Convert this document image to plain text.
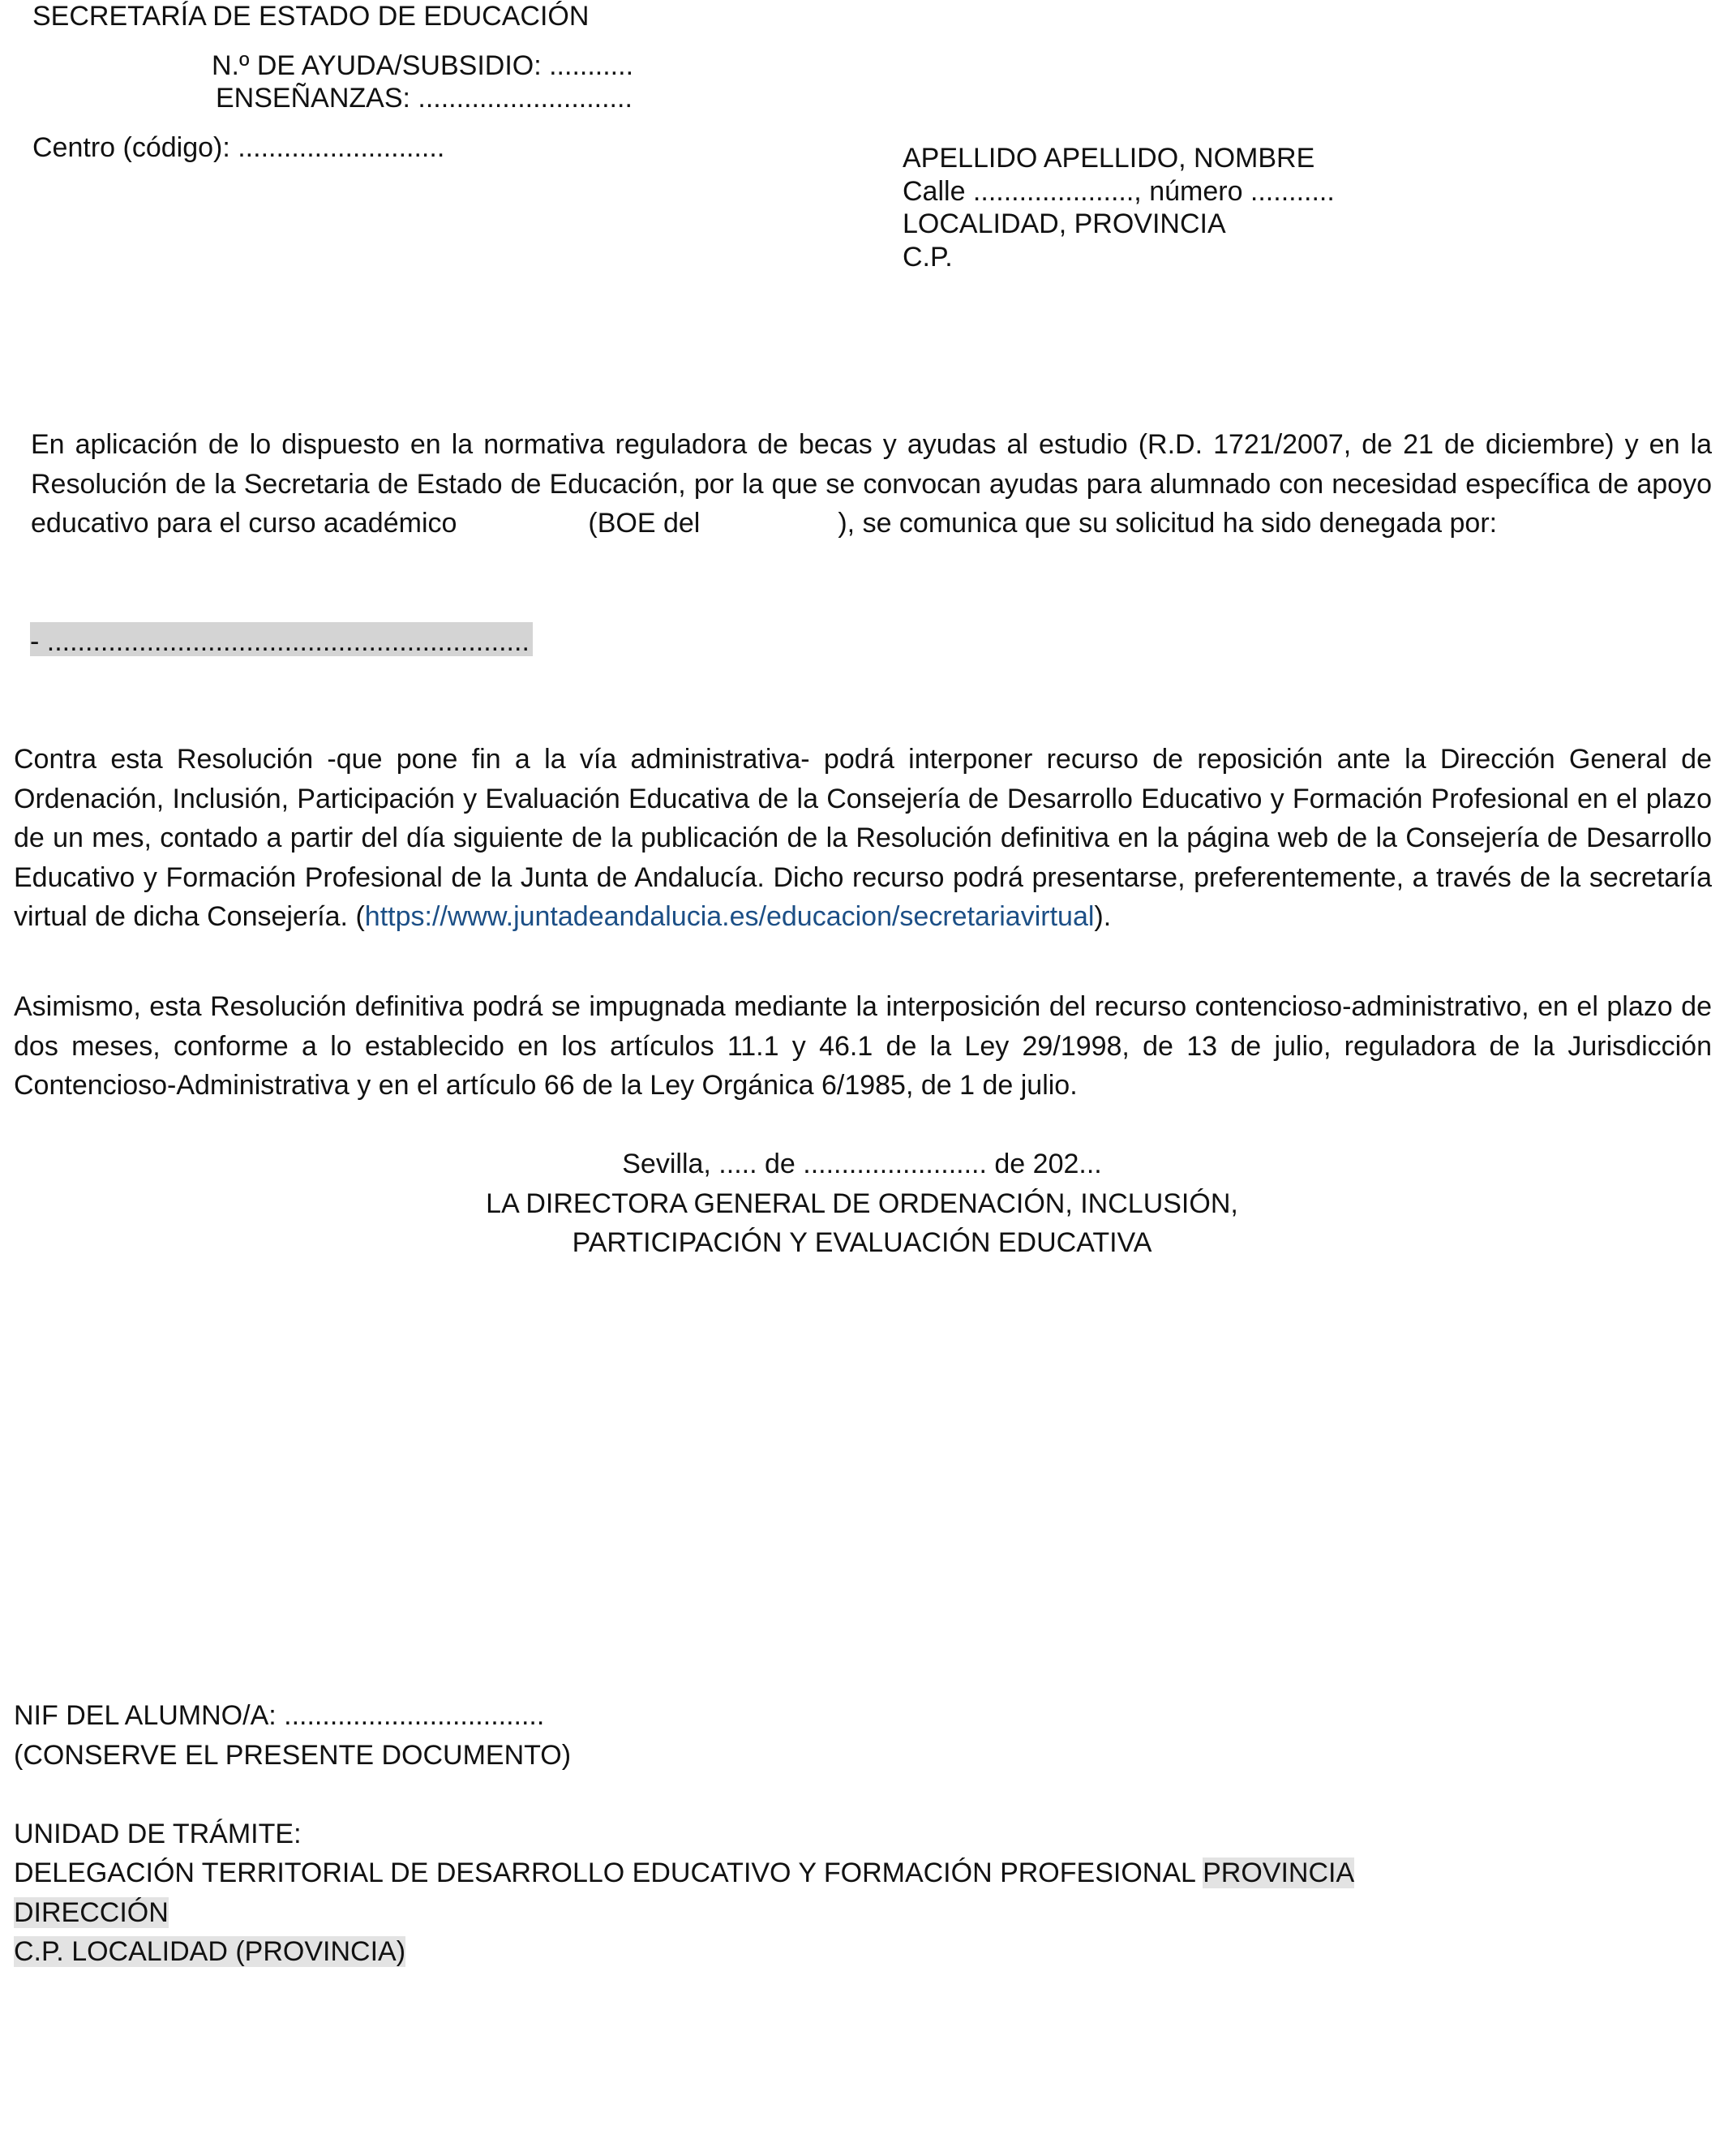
SECRETARÍA DE ESTADO DE EDUCACIÓN
N.º DE AYUDA/SUBSIDIO: ...........
ENSEÑANZAS: ............................
Centro (código): ...........................	APELLIDO APELLIDO, NOMBRE
Calle ....................., número ...........
LOCALIDAD, PROVINCIA
C.P.
En aplicación de lo dispuesto en la normativa reguladora de becas y ayudas al estudio (R.D. 1721/2007, de 21 de diciembre) y en la Resolución de la Secretaria de Estado de Educación, por la que se convocan ayudas para alumnado con necesidad específica de apoyo educativo para el curso académico	(BOE del	), se comunica que su solicitud ha sido denegada por:
- ...............................................................
Contra esta Resolución -que pone fin a la vía administrativa- podrá interponer recurso de reposición ante la Dirección General de Ordenación, Inclusión, Participación y Evaluación Educativa de la Consejería de Desarrollo Educativo y Formación Profesional en el plazo de un mes, contado a partir del día siguiente de la publicación de la Resolución definitiva en la página web de la Consejería de Desarrollo Educativo y Formación Profesional de la Junta de Andalucía. Dicho recurso podrá presentarse, preferentemente, a través de la secretaría virtual de dicha Consejería. (https://www.juntadeandalucia.es/educacion/secretariavirtual).
Asimismo, esta Resolución definitiva podrá se impugnada mediante la interposición del recurso contencioso-administrativo, en el plazo de dos meses, conforme a lo establecido en los artículos 11.1 y 46.1 de la Ley 29/1998, de 13 de julio, reguladora de la Jurisdicción Contencioso-Administrativa y en el artículo 66 de la Ley Orgánica 6/1985, de 1 de julio.
Sevilla, ..... de ........................ de 202...
LA DIRECTORA GENERAL DE ORDENACIÓN, INCLUSIÓN,
PARTICIPACIÓN Y EVALUACIÓN EDUCATIVA
NIF DEL ALUMNO/A: ..................................
(CONSERVE EL PRESENTE DOCUMENTO)
UNIDAD DE TRÁMITE:
DELEGACIÓN TERRITORIAL DE DESARROLLO EDUCATIVO Y FORMACIÓN PROFESIONAL PROVINCIA
DIRECCIÓN
C.P. LOCALIDAD (PROVINCIA)
